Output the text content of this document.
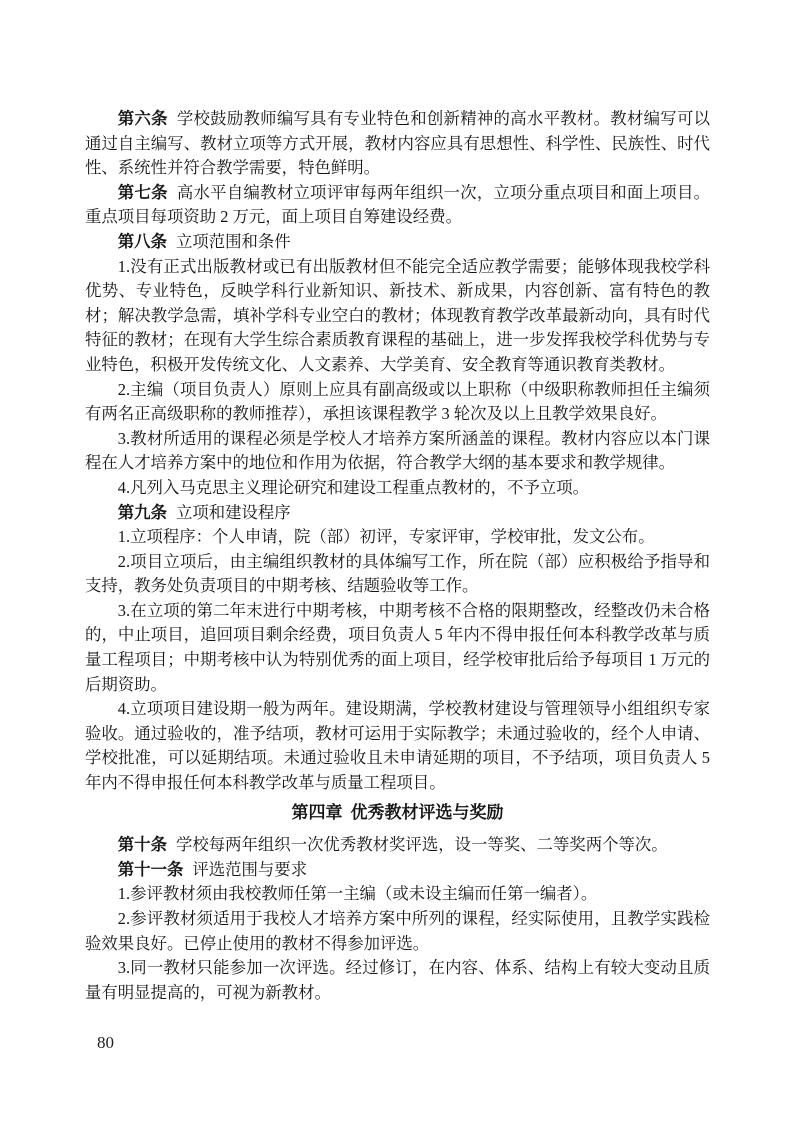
第六条 学校鼓励教师编写具有专业特色和创新精神的高水平教材。教材编写可以通过自主编写、教材立项等方式开展，教材内容应具有思想性、科学性、民族性、时代性、系统性并符合教学需要，特色鲜明。
第七条 高水平自编教材立项评审每两年组织一次，立项分重点项目和面上项目。重点项目每项资助 2 万元，面上项目自筹建设经费。
第八条 立项范围和条件
1.没有正式出版教材或已有出版教材但不能完全适应教学需要；能够体现我校学科优势、专业特色，反映学科行业新知识、新技术、新成果，内容创新、富有特色的教材；解决教学急需，填补学科专业空白的教材；体现教育教学改革最新动向，具有时代特征的教材；在现有大学生综合素质教育课程的基础上，进一步发挥我校学科优势与专业特色，积极开发传统文化、人文素养、大学美育、安全教育等通识教育类教材。
2.主编（项目负责人）原则上应具有副高级或以上职称（中级职称教师担任主编须有两名正高级职称的教师推荐），承担该课程教学 3 轮次及以上且教学效果良好。
3.教材所适用的课程必须是学校人才培养方案所涵盖的课程。教材内容应以本门课程在人才培养方案中的地位和作用为依据，符合教学大纲的基本要求和教学规律。
4.凡列入马克思主义理论研究和建设工程重点教材的，不予立项。
第九条 立项和建设程序
1.立项程序：个人申请，院（部）初评，专家评审，学校审批，发文公布。
2.项目立项后，由主编组织教材的具体编写工作，所在院（部）应积极给予指导和支持，教务处负责项目的中期考核、结题验收等工作。
3.在立项的第二年末进行中期考核，中期考核不合格的限期整改，经整改仍未合格的，中止项目，追回项目剩余经费，项目负责人 5 年内不得申报任何本科教学改革与质量工程项目；中期考核中认为特别优秀的面上项目，经学校审批后给予每项目 1 万元的后期资助。
4.立项项目建设期一般为两年。建设期满，学校教材建设与管理领导小组组织专家验收。通过验收的，准予结项，教材可运用于实际教学；未通过验收的，经个人申请、学校批准，可以延期结项。未通过验收且未申请延期的项目，不予结项，项目负责人 5 年内不得申报任何本科教学改革与质量工程项目。
第四章 优秀教材评选与奖励
第十条 学校每两年组织一次优秀教材奖评选，设一等奖、二等奖两个等次。
第十一条 评选范围与要求
1.参评教材须由我校教师任第一主编（或未设主编而任第一编者）。
2.参评教材须适用于我校人才培养方案中所列的课程，经实际使用，且教学实践检验效果良好。已停止使用的教材不得参加评选。
3.同一教材只能参加一次评选。经过修订，在内容、体系、结构上有较大变动且质量有明显提高的，可视为新教材。
80
